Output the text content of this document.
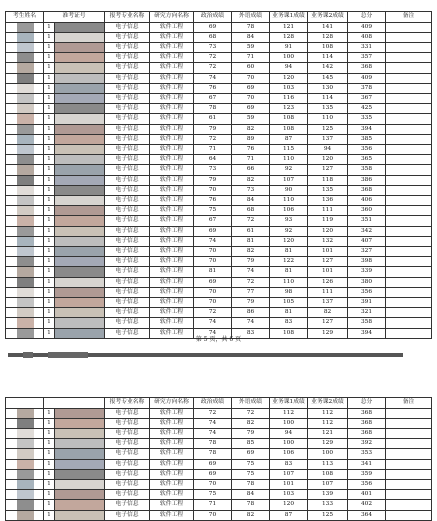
考生姓名	准考证号		报考专业名称	研究方向名称	政治成绩	外语成绩	业务课1成绩	业务课2成绩	总分	备注

	1		电子信息	软件工程	69	78	121	141	409	

	1		电子信息	软件工程	68	84	128	128	408	

	1		电子信息	软件工程	73	59	91	108	331	

	1		电子信息	软件工程	72	71	100	114	357	

	1		电子信息	软件工程	72	60	94	142	368	

	1		电子信息	软件工程	74	70	120	145	409	

	1		电子信息	软件工程	76	69	103	130	378	

	1		电子信息	软件工程	67	70	116	114	367	

	1		电子信息	软件工程	78	69	123	135	425	

	1		电子信息	软件工程	61	59	108	110	335	

	1		电子信息	软件工程	79	82	108	125	394	

	1		电子信息	软件工程	72	89	87	137	385	

	1		电子信息	软件工程	71	76	115	94	356	

	1		电子信息	软件工程	64	71	110	120	365	

	1		电子信息	软件工程	73	66	92	127	358	

	1		电子信息	软件工程	79	82	107	118	386	

	1		电子信息	软件工程	70	73	90	135	368	

	1		电子信息	软件工程	76	84	110	136	406	

	1		电子信息	软件工程	75	68	106	111	360	

	1		电子信息	软件工程	67	72	93	119	351	

	1		电子信息	软件工程	69	61	92	120	342	

	1		电子信息	软件工程	74	81	120	132	407	

	1		电子信息	软件工程	70	82	81	101	327	

	1		电子信息	软件工程	70	79	122	127	398	

	1		电子信息	软件工程	81	74	81	101	339	

	1		电子信息	软件工程	69	72	110	126	380	

	1		电子信息	软件工程	70	77	98	111	356	

	1		电子信息	软件工程	70	79	105	137	391	

	1		电子信息	软件工程	72	86	81	82	321	

	1		电子信息	软件工程	74	74	83	127	358	

	1		电子信息	软件工程	74	83	108	129	394	
第 5 页，共 6 页
			报考专业名称	研究方向名称	政治成绩	外语成绩	业务课1成绩	业务课2成绩	总分	备注

	1		电子信息	软件工程	72	72	112	112	368	

	1		电子信息	软件工程	74	82	100	112	368	

	1		电子信息	软件工程	74	79	94	121	368	

	1		电子信息	软件工程	78	85	100	129	392	

	1		电子信息	软件工程	78	69	106	100	353	

	1		电子信息	软件工程	69	75	83	113	341	

	1		电子信息	软件工程	69	75	107	108	359	

	1		电子信息	软件工程	70	78	101	107	356	

	1		电子信息	软件工程	75	84	103	139	401	

	1		电子信息	软件工程	71	78	120	133	402	

	1		电子信息	软件工程	70	82	87	125	364	
